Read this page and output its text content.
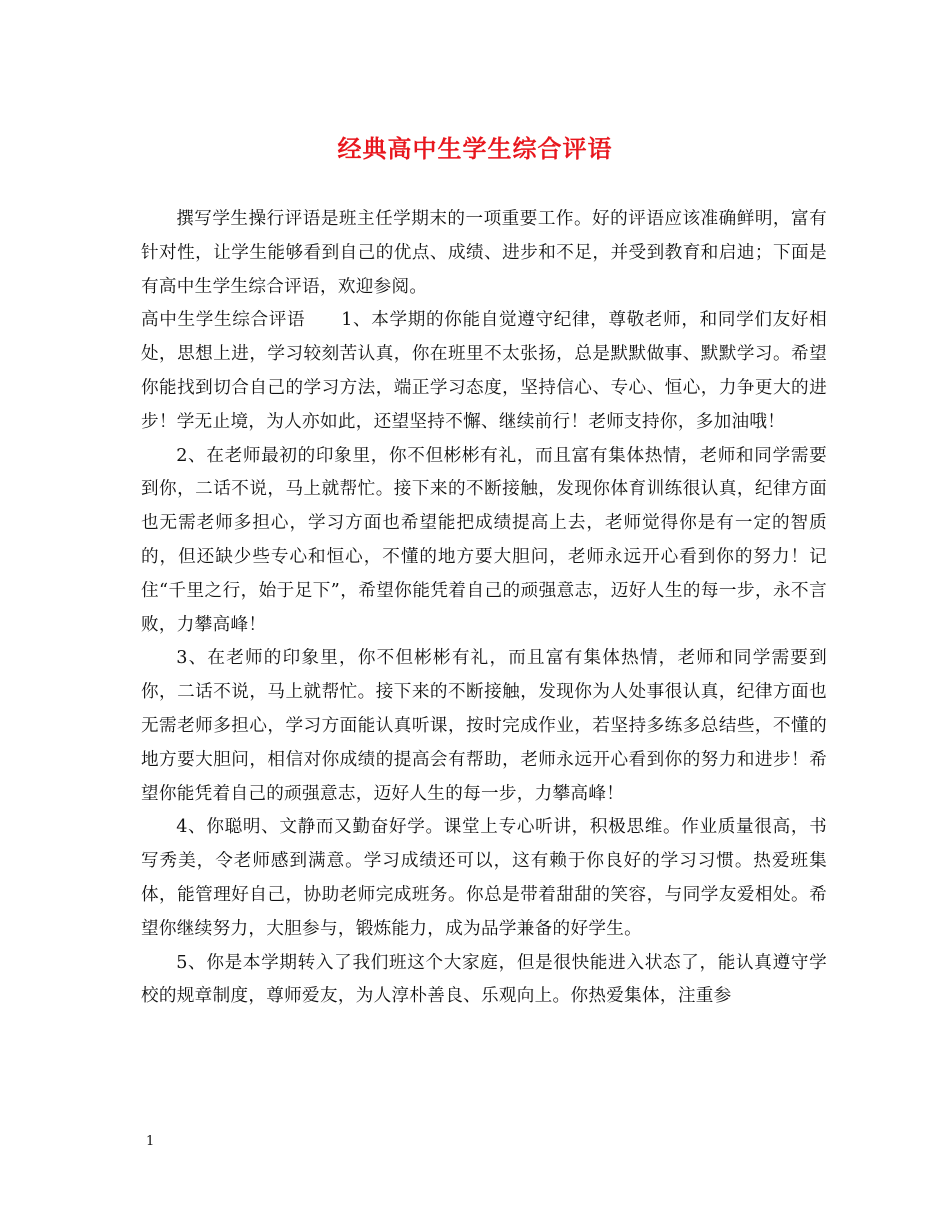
经典高中生学生综合评语

撰写学生操行评语是班主任学期末的一项重要工作。好的评语应该准确鲜明，富有针对性，让学生能够看到自己的优点、成绩、进步和不足，并受到教育和启迪；下面是有高中生学生综合评语，欢迎参阅。

高中生学生综合评语 1、本学期的你能自觉遵守纪律，尊敬老师，和同学们友好相处，思想上进，学习较刻苦认真，你在班里不太张扬，总是默默做事、默默学习。希望你能找到切合自己的学习方法，端正学习态度，坚持信心、专心、恒心，力争更大的进步！学无止境，为人亦如此，还望坚持不懈、继续前行！老师支持你，多加油哦！

2、在老师最初的印象里，你不但彬彬有礼，而且富有集体热情，老师和同学需要到你，二话不说，马上就帮忙。接下来的不断接触，发现你体育训练很认真，纪律方面也无需老师多担心，学习方面也希望能把成绩提高上去，老师觉得你是有一定的智质的，但还缺少些专心和恒心，不懂的地方要大胆问，老师永远开心看到你的努力！记住“千里之行，始于足下”，希望你能凭着自己的顽强意志，迈好人生的每一步，永不言败，力攀高峰！

3、在老师的印象里，你不但彬彬有礼，而且富有集体热情，老师和同学需要到你，二话不说，马上就帮忙。接下来的不断接触，发现你为人处事很认真，纪律方面也无需老师多担心，学习方面能认真听课，按时完成作业，若坚持多练多总结些，不懂的地方要大胆问，相信对你成绩的提高会有帮助，老师永远开心看到你的努力和进步！希望你能凭着自己的顽强意志，迈好人生的每一步，力攀高峰！

4、你聪明、文静而又勤奋好学。课堂上专心听讲，积极思维。作业质量很高，书写秀美，令老师感到满意。学习成绩还可以，这有赖于你良好的学习习惯。热爱班集体，能管理好自己，协助老师完成班务。你总是带着甜甜的笑容，与同学友爱相处。希望你继续努力，大胆参与，锻炼能力，成为品学兼备的好学生。

5、你是本学期转入了我们班这个大家庭，但是很快能进入状态了，能认真遵守学校的规章制度，尊师爱友，为人淳朴善良、乐观向上。你热爱集体，注重参

1
